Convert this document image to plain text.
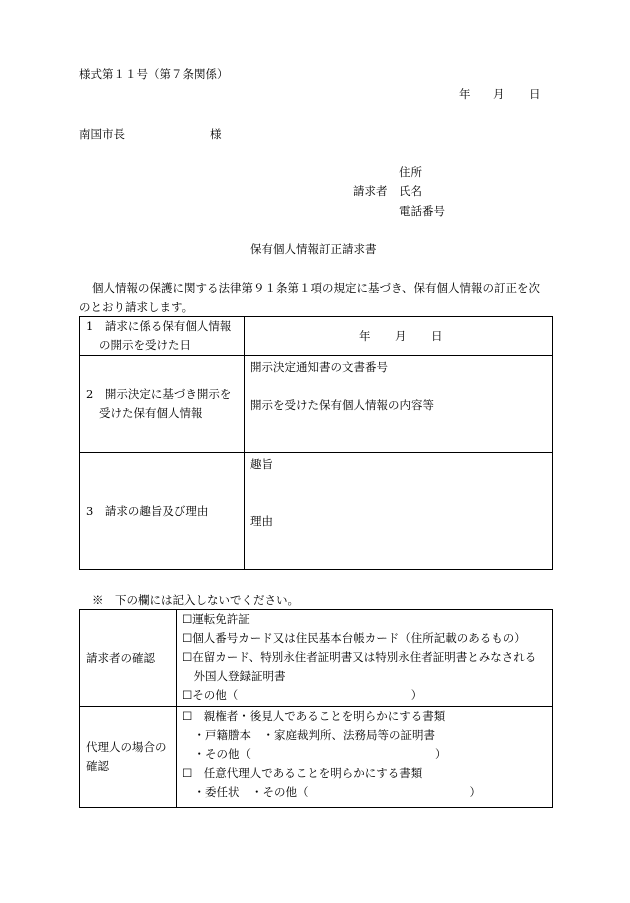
様式第１１号（第７条関係）
年 月 日
南国市長	様
住所
請求者 氏名
電話番号
保有個人情報訂正請求書
個人情報の保護に関する法律第９１条第１項の規定に基づき、保有個人情報の訂正を次
のとおり請求します。
1　請求に係る保有個人情報
の開示を受けた日	年 月 日

2　開示決定に基づき開示を
受けた保有個人情報	開示決定通知書の文書番号
開示を受けた保有個人情報の内容等

3　請求の趣旨及び理由	趣旨
理由
※　下の欄には記入しないでください。
請求者の確認	☐運転免許証
☐個人番号カード又は住民基本台帳カード（住所記載のあるもの）
☐在留カード、特別永住者証明書又は特別永住者証明書とみなされる
　外国人登録証明書
☐その他（　　　　　　　　　　　　　　　）

代理人の場合の
確認	☐　親権者・後見人であることを明らかにする書類
　・戸籍謄本　・家庭裁判所、法務局等の証明書
　・その他（　　　　　　　　　　　　　　　　）
☐　任意代理人であることを明らかにする書類
　・委任状　・その他（　　　　　　　　　　　　　　）
